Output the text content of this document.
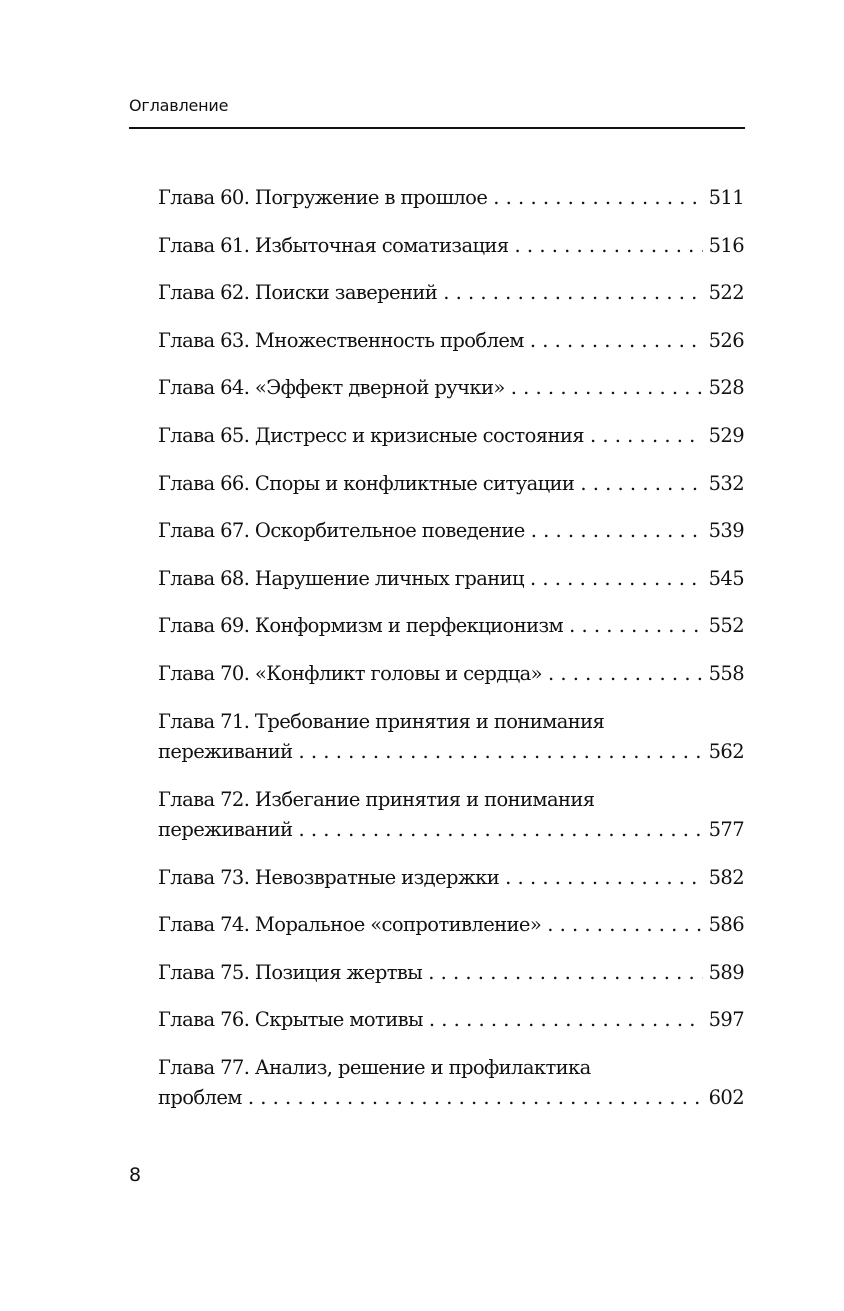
Оглавление
Глава 60. Погружение в прошлое . . .	511
Глава 61. Избыточная соматизация . . .	516
Глава 62. Поиски заверений . . .	522
Глава 63. Множественность проблем . . .	526
Глава 64. «Эффект дверной ручки» . . .	528
Глава 65. Дистресс и кризисные состояния . . .	529
Глава 66. Споры и конфликтные ситуации . . .	532
Глава 67. Оскорбительное поведение . . .	539
Глава 68. Нарушение личных границ . . .	545
Глава 69. Конформизм и перфекционизм . . .	552
Глава 70. «Конфликт головы и сердца» . . .	558
Глава 71. Требование принятия и понимания
переживаний . . .	562
Глава 72. Избегание принятия и понимания
переживаний . . .	577
Глава 73. Невозвратные издержки . . .	582
Глава 74. Моральное «сопротивление» . . .	586
Глава 75. Позиция жертвы . . .	589
Глава 76. Скрытые мотивы . . .	597
Глава 77. Анализ, решение и профилактика
проблем . . .	602
8
